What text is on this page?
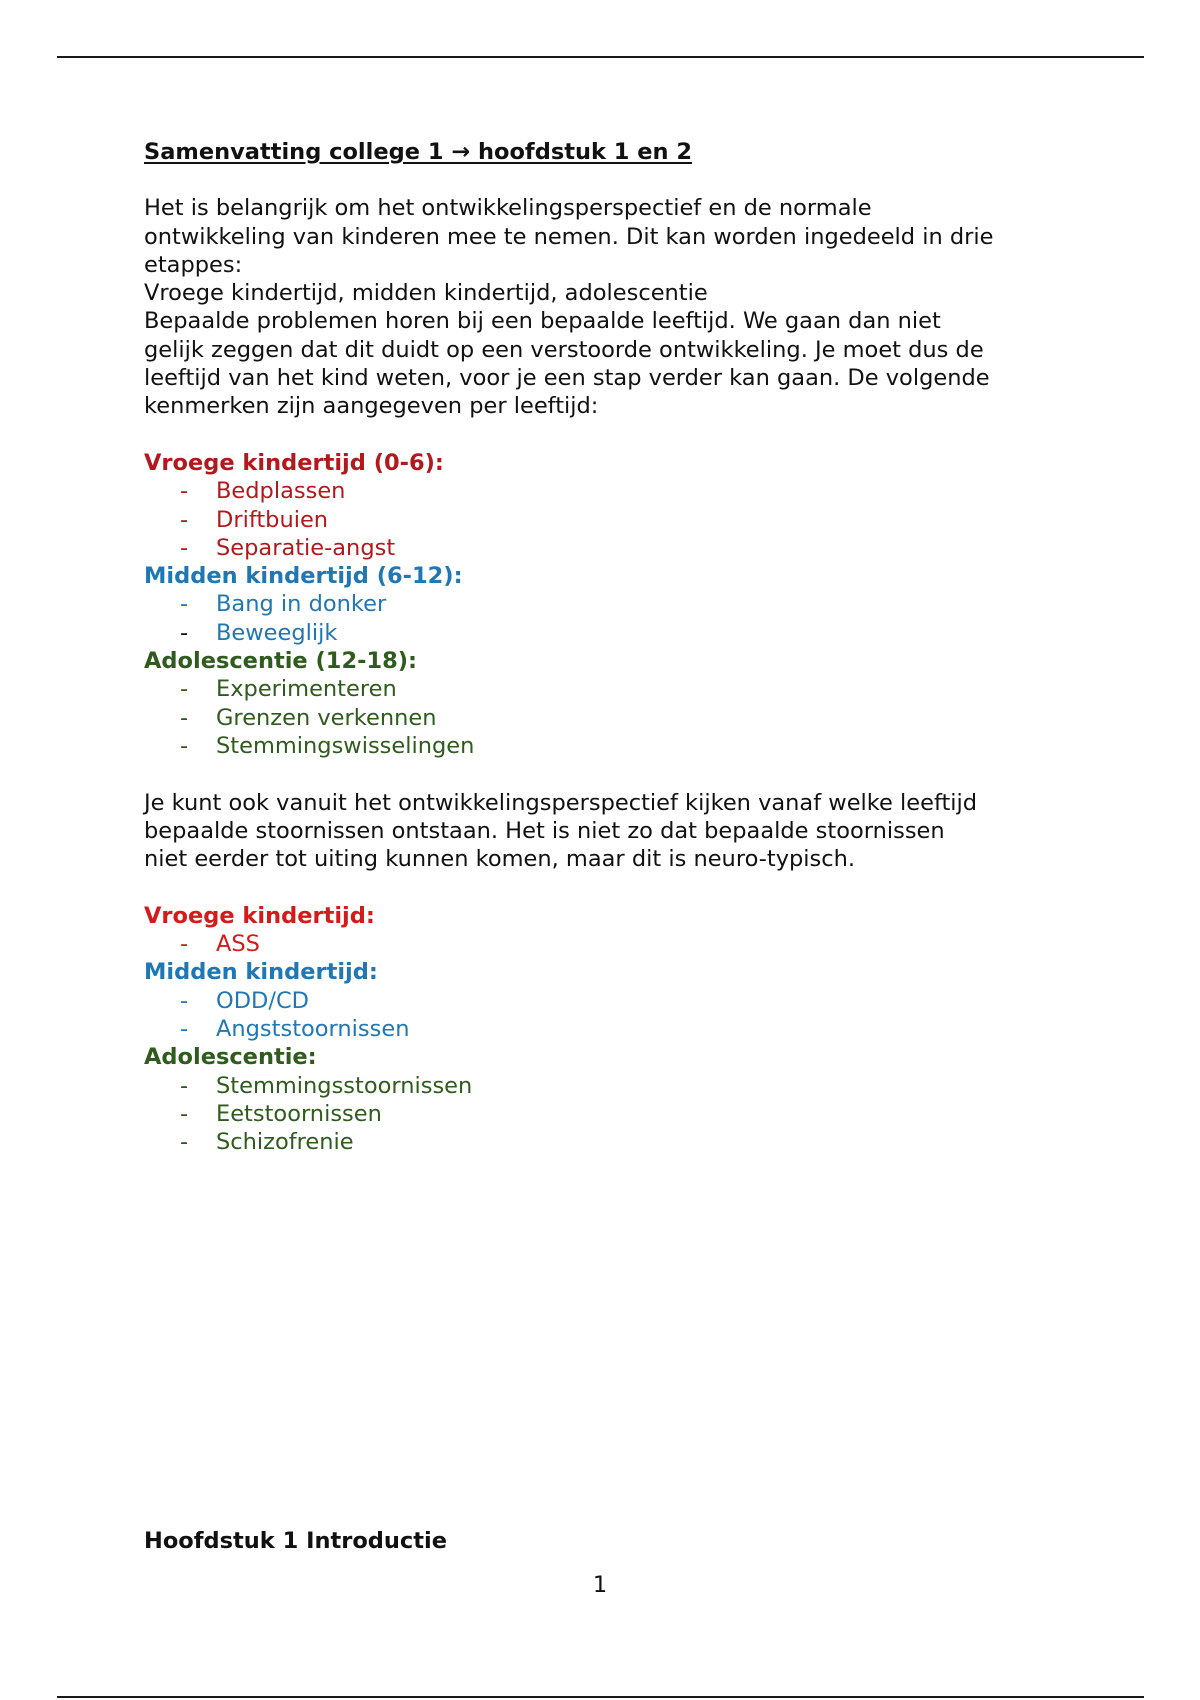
Samenvatting college 1 → hoofdstuk 1 en 2

Het is belangrijk om het ontwikkelingsperspectief en de normale
ontwikkeling van kinderen mee te nemen. Dit kan worden ingedeeld in drie
etappes:
Vroege kindertijd, midden kindertijd, adolescentie
Bepaalde problemen horen bij een bepaalde leeftijd. We gaan dan niet
gelijk zeggen dat dit duidt op een verstoorde ontwikkeling. Je moet dus de
leeftijd van het kind weten, voor je een stap verder kan gaan. De volgende
kenmerken zijn aangegeven per leeftijd:

Vroege kindertijd (0-6):

- Bedplassen
- Driftbuien
- Separatie-angst

Midden kindertijd (6-12):

- Bang in donker
- Beweeglijk

Adolescentie (12-18):

- Experimenteren
- Grenzen verkennen
- Stemmingswisselingen
Je kunt ook vanuit het ontwikkelingsperspectief kijken vanaf welke leeftijd
bepaalde stoornissen ontstaan. Het is niet zo dat bepaalde stoornissen
niet eerder tot uiting kunnen komen, maar dit is neuro-typisch.

Vroege kindertijd:

- ASS

Midden kindertijd:

- ODD/CD
- Angststoornissen

Adolescentie:

- Stemmingsstoornissen
- Eetstoornissen
- Schizofrenie

Hoofdstuk 1 Introductie

1
